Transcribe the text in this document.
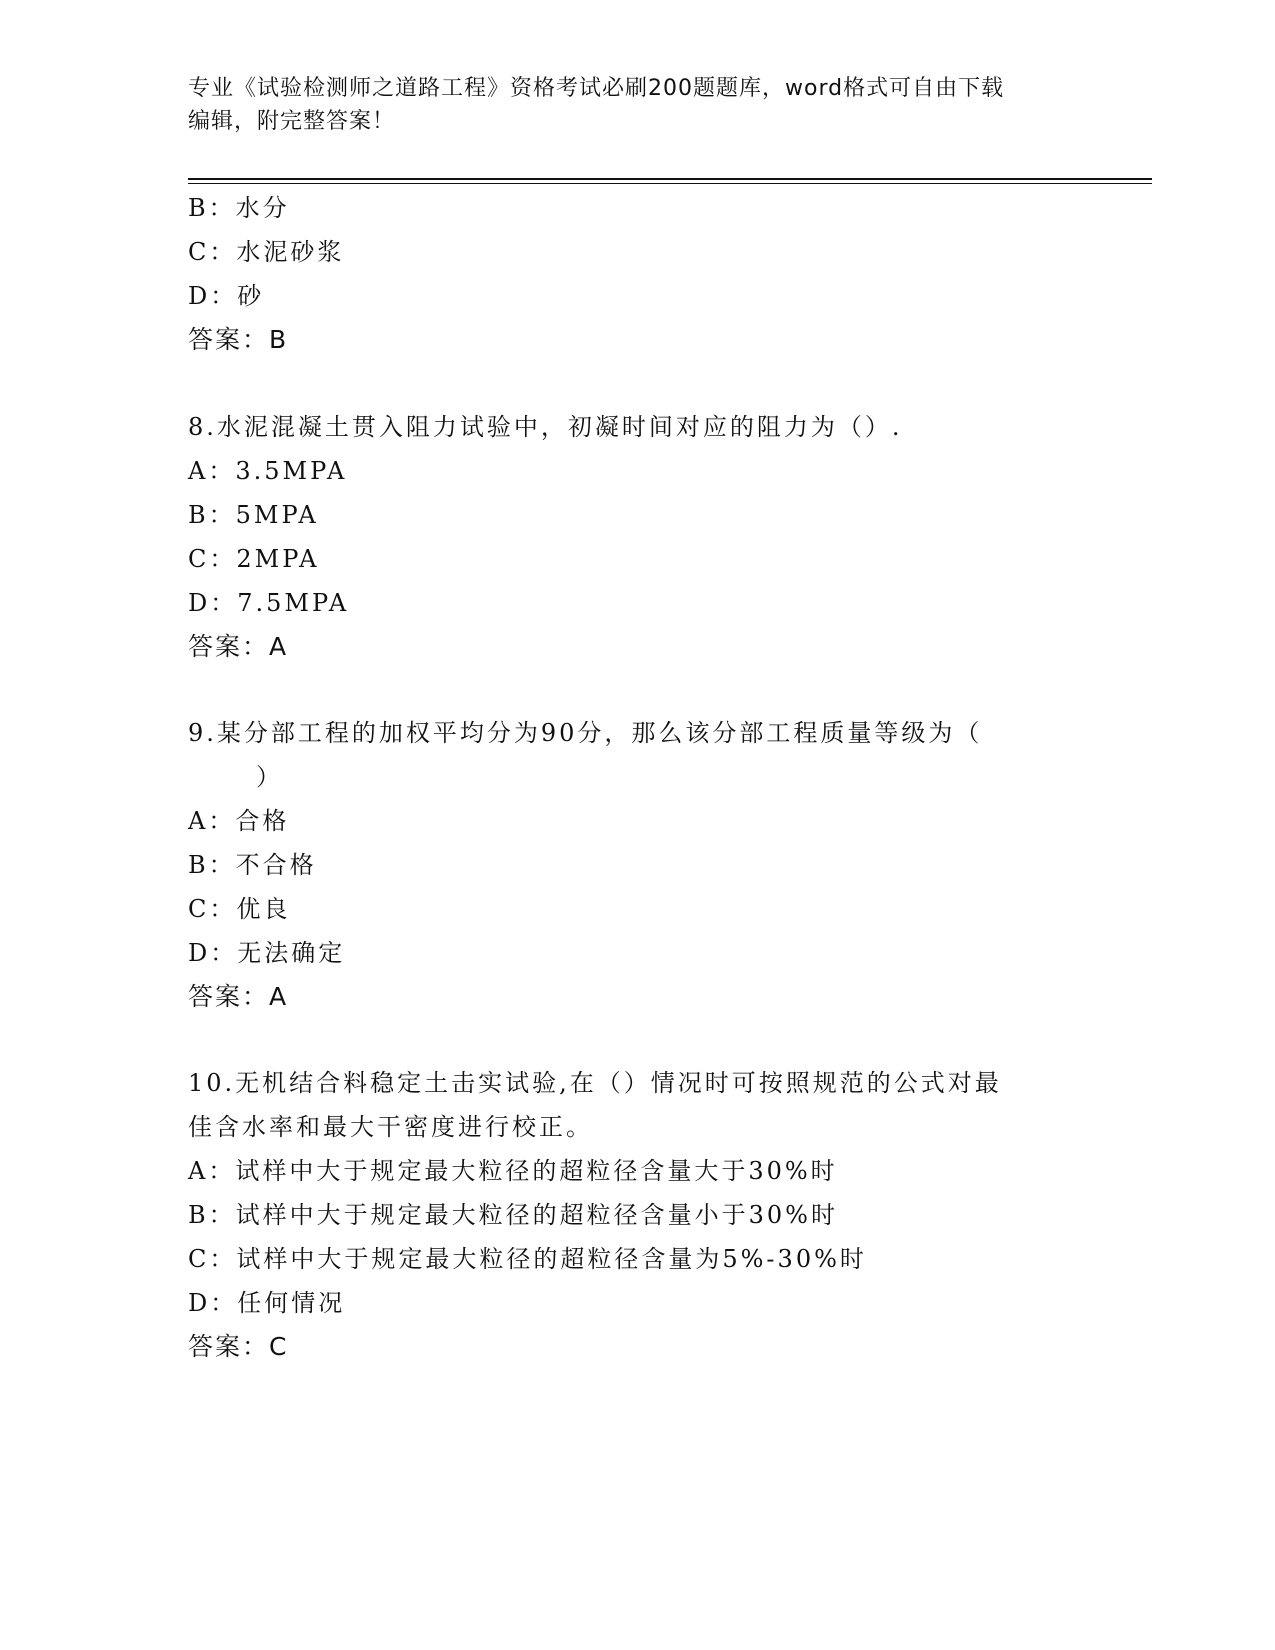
专业《试验检测师之道路工程》资格考试必刷200题题库，word格式可自由下载
编辑，附完整答案！
B：水分
C：水泥砂浆
D：砂
答案：B
8.水泥混凝土贯入阻力试验中，初凝时间对应的阻力为（）.
A：3.5MPA
B：5MPA
C：2MPA
D：7.5MPA
答案：A
9.某分部工程的加权平均分为90分，那么该分部工程质量等级为（
）
A：合格
B：不合格
C：优良
D：无法确定
答案：A
10.无机结合料稳定土击实试验,在（）情况时可按照规范的公式对最
佳含水率和最大干密度进行校正。
A：试样中大于规定最大粒径的超粒径含量大于30%时
B：试样中大于规定最大粒径的超粒径含量小于30%时
C：试样中大于规定最大粒径的超粒径含量为5%-30%时
D：任何情况
答案：C
